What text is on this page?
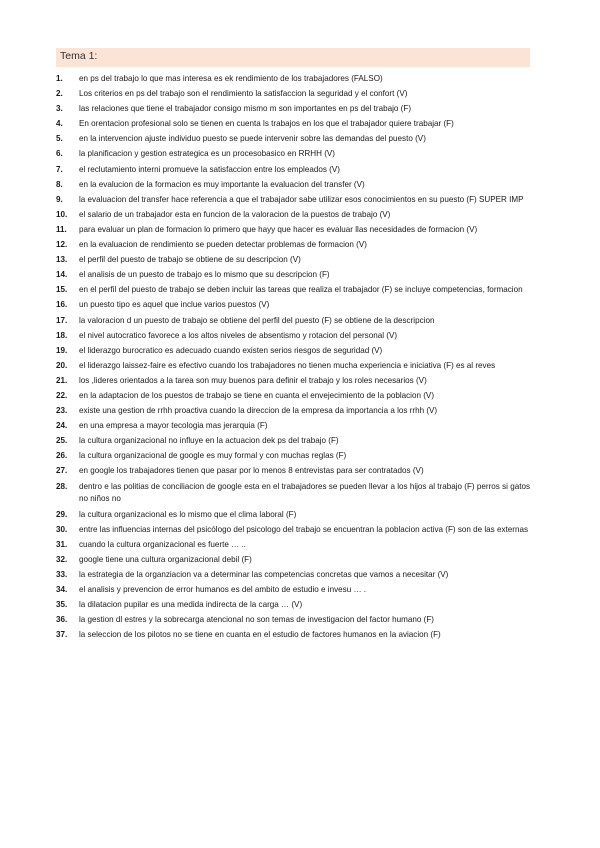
Tema 1:
1.	en ps del trabajo lo que mas interesa es ek rendimiento de los trabajadores (FALSO)
2.	Los criterios en ps del trabajo son el rendimiento la satisfaccion la seguridad y el confort (V)
3.	las relaciones que tiene el trabajador consigo mismo m son importantes en ps del trabajo (F)
4.	En orentacion profesional solo se tienen en cuenta ls trabajos en los que el trabajador quiere trabajar (F)
5.	en la intervencion ajuste individuo puesto se puede intervenir sobre las demandas del puesto (V)
6.	la planificacion y gestion estrategica es un procesobasico en RRHH (V)
7.	el reclutamiento interni promueve la satisfaccion entre los empleados (V)
8.	en la evalucion de la formacion es muy importante la evaluacion del transfer (V)
9.	la evaluacion del transfer hace referencia a que el trabajador sabe utilizar esos conocimientos en su puesto (F) SUPER IMP
10.	el salario de un trabajador esta en funcion de la valoracion de la puestos de trabajo (V)
11.	para evaluar un plan de formacion lo primero que hayy que hacer es evaluar llas necesidades de formacion (V)
12.	en la evaluacion de rendimiento se pueden detectar problemas de formacion (V)
13.	el perfil del puesto de trabajo se obtiene de su descripcion (V)
14.	el analisis de un puesto de trabajo es lo mismo que su descripcion (F)
15.	en el perfil del puesto de trabajo se deben incluir las tareas que realiza el trabajador (F) se incluye competencias, formacion
16.	un puesto tipo es aquel que inclue varios puestos (V)
17.	la valoracion d un puesto de trabajo se obtiene del perfil del puesto (F) se obtiene de la descripcion
18.	el nivel autocratico favorece a los altos niveles de absentismo y rotacion del personal (V)
19.	el liderazgo burocratico es adecuado cuando existen serios riesgos de seguridad (V)
20.	el liderazgo laissez-faire es efectivo cuando los trabajadores no tienen mucha experiencia e iniciativa (F) es al reves
21.	los ,lideres orientados a la tarea son muy buenos para definir el trabajo y los roles necesarios (V)
22.	en la adaptacion de los puestos de trabajo se tiene en cuanta el envejecimiento de la poblacion (V)
23.	existe una gestion de rrhh proactiva cuando la direccion de la empresa da importancia a los rrhh (V)
24.	en una empresa a mayor tecologia mas jerarquia (F)
25.	la cultura organizacional no influye en la actuacion dek ps del trabajo (F)
26.	la cultura organizacional de google es muy formal y con muchas reglas (F)
27.	en google los trabajadores tienen que pasar por lo menos 8 entrevistas para ser contratados (V)
28.	dentro e las politias de conciliacion de google esta en el trabajadores se pueden llevar a los hijos al trabajo (F) perros si gatos no niños no
29.	la cultura organizacional es lo mismo que el clima laboral (F)
30.	entre las influencias internas del psicólogo del psicologo del trabajo se encuentran la poblacion activa (F) son de las externas
31.	cuando la cultura organizacional es fuerte … ..
32.	google tiene una cultura organizacional debil (F)
33.	la estrategia de la organziacion va a determinar las competencias concretas que vamos a necesitar (V)
34.	el analisis y prevencion de error humanos es del ambito de estudio e invesu … .
35.	la dilatacion pupilar es una medida indirecta de la carga … (V)
36.	la gestion dl estres y la sobrecarga atencional no son temas de investigacion del factor humano (F)
37.	la seleccion de los pilotos no se tiene en cuanta en el estudio de factores humanos en la aviacion (F)
